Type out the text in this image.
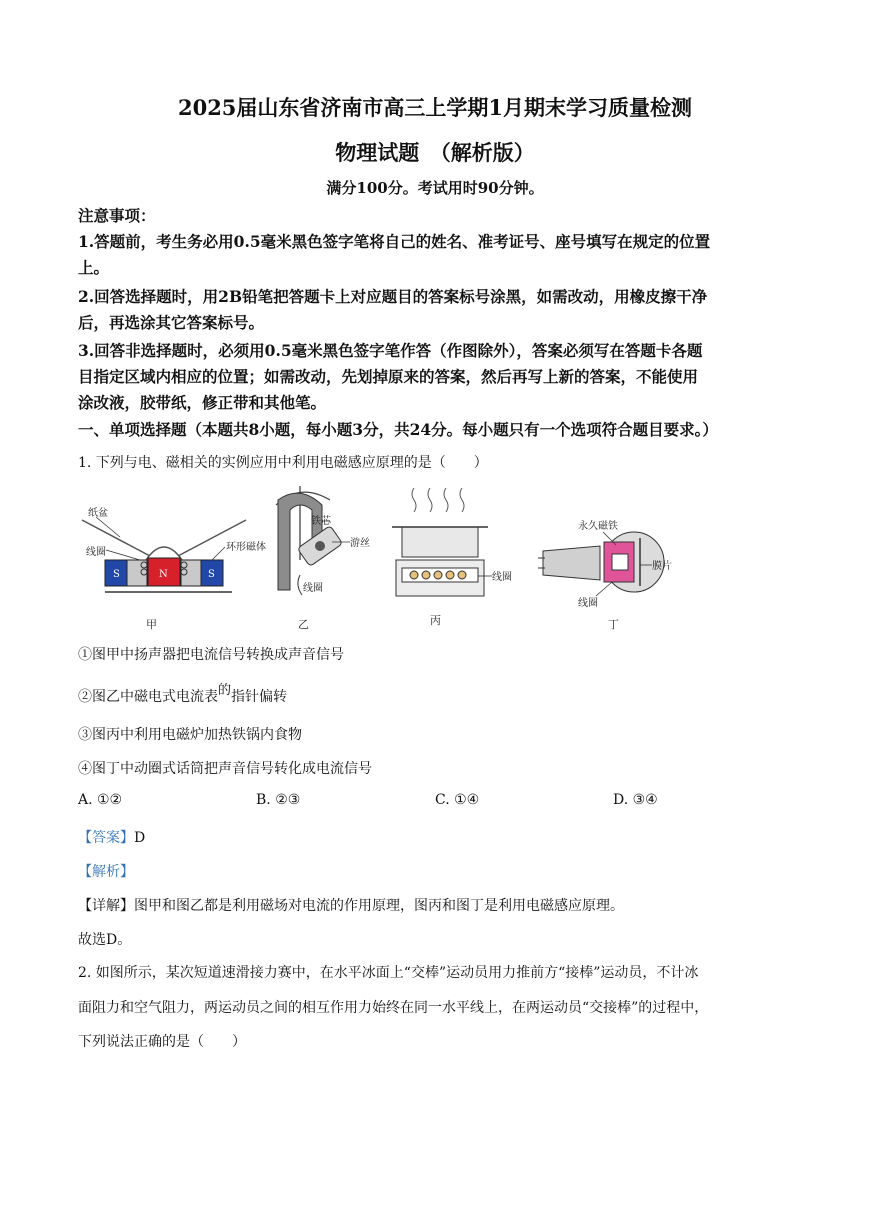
2025届山东省济南市高三上学期1月期末学习质量检测
物理试题　（解析版）
满分100分。考试用时90分钟。
注意事项：
1.答题前，考生务必用0.5毫米黑色签字笔将自己的姓名、准考证号、座号填写在规定的位置
上。
2.回答选择题时，用2B铅笔把答题卡上对应题目的答案标号涂黑，如需改动，用橡皮擦干净
后，再选涂其它答案标号。
3.回答非选择题时，必须用0.5毫米黑色签字笔作答（作图除外），答案必须写在答题卡各题
目指定区域内相应的位置；如需改动，先划掉原来的答案，然后再写上新的答案，不能使用
涂改液，胶带纸，修正带和其他笔。
一、单项选择题（本题共8小题，每小题3分，共24分。每小题只有一个选项符合题目要求。）
1. 下列与电、磁相关的实例应用中利用电磁感应原理的是（　　）
纸盆
线圈	环形磁体
S	N	S
甲
铁芯
游丝
线圈
乙
线圈
丙
永久磁铁
膜片
线圈
丁
①图甲中扬声器把电流信号转换成声音信号
②图乙中磁电式电流表的指针偏转
③图丙中利用电磁炉加热铁锅内食物
④图丁中动圈式话筒把声音信号转化成电流信号
A. ①②	B. ②③	C. ①④	D. ③④
【答案】D
【解析】
【详解】图甲和图乙都是利用磁场对电流的作用原理，图丙和图丁是利用电磁感应原理。
故选D。
2. 如图所示，某次短道速滑接力赛中，在水平冰面上“交棒”运动员用力推前方“接棒”运动员，不计冰
面阻力和空气阻力，两运动员之间的相互作用力始终在同一水平线上，在两运动员“交接棒”的过程中，
下列说法正确的是（　　）
